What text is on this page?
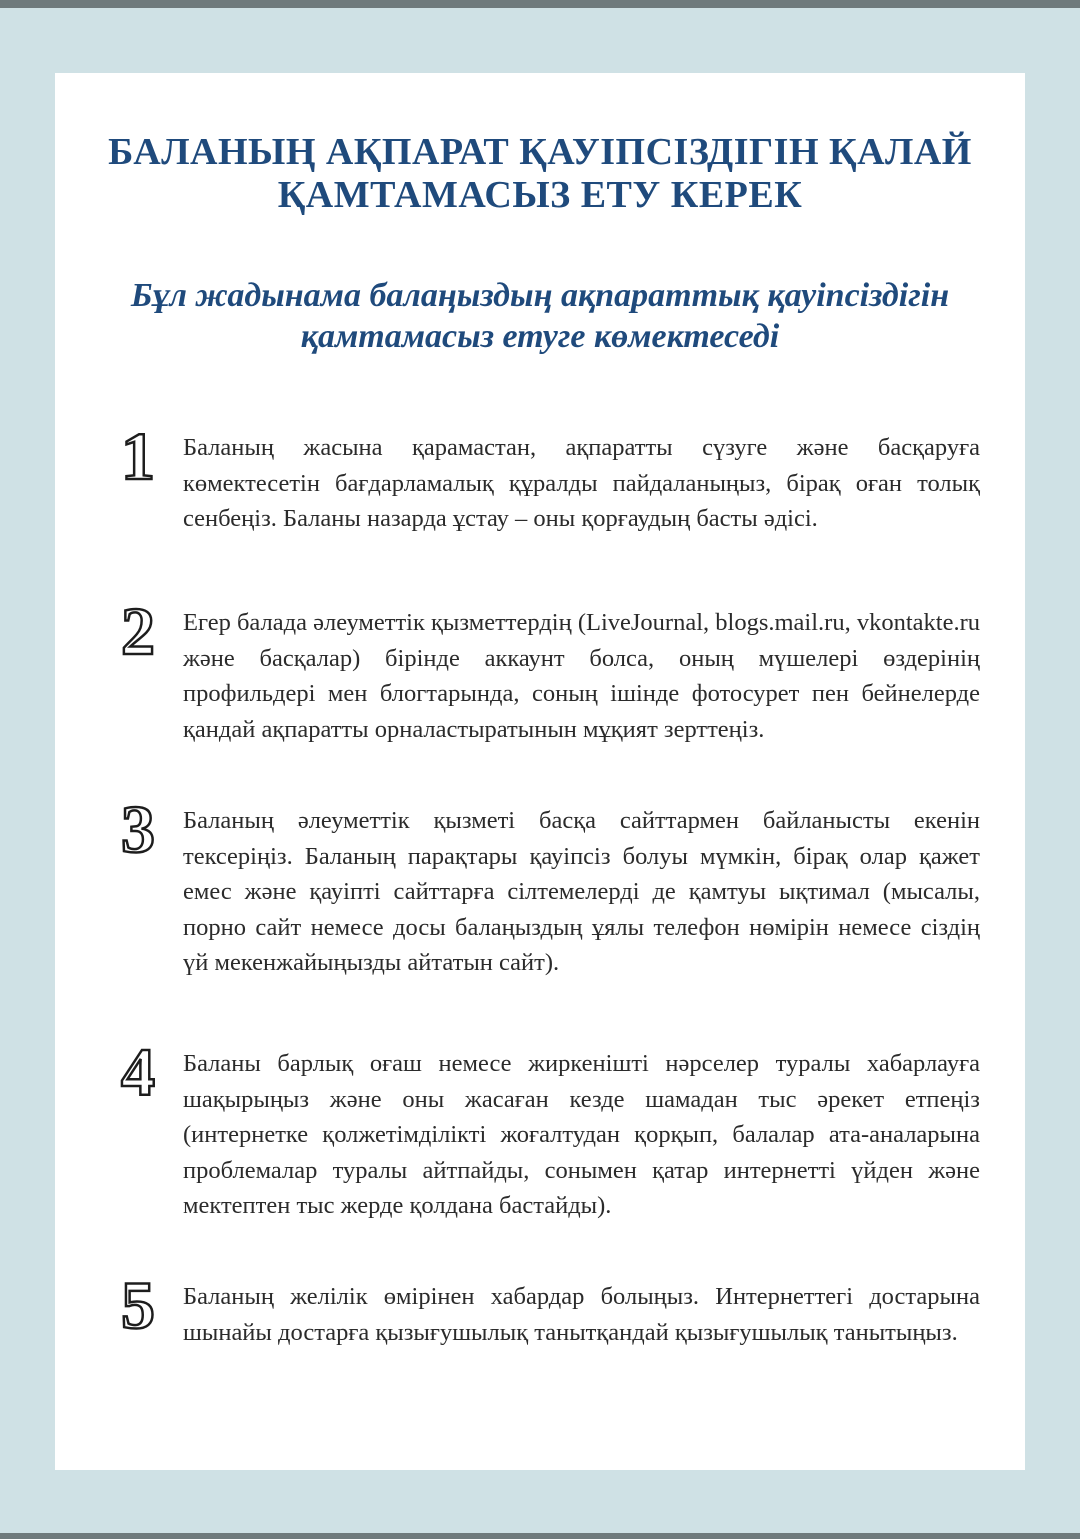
БАЛАНЫҢ АҚПАРАТ ҚАУІПСІЗДІГІН ҚАЛАЙ ҚАМТАМАСЫЗ ЕТУ КЕРЕК
Бұл жадынама балаңыздың ақпараттық қауіпсіздігін қамтамасыз етуге көмектеседі
1	Баланың жасына қарамастан, ақпаратты сүзуге және басқаруға көмектесетін бағдарламалық құралды пайдаланыңыз, бірақ оған толық сенбеңіз. Баланы назарда ұстау – оны қорғаудың басты әдісі.

2	Егер балада әлеуметтік қызметтердің (LiveJournal, blogs.mail.ru, vkontakte.ru және басқалар) бірінде аккаунт болса, оның мүшелері өздерінің профильдері мен блогтарында, соның ішінде фотосурет пен бейнелерде қандай ақпаратты орналастыратынын мұқият зерттеңіз.

3	Баланың әлеуметтік қызметі басқа сайттармен байланысты екенін тексеріңіз. Баланың парақтары қауіпсіз болуы мүмкін, бірақ олар қажет емес және қауіпті сайттарға сілтемелерді де қамтуы ықтимал (мысалы, порно сайт немесе досы балаңыздың ұялы телефон нөмірін немесе сіздің үй мекенжайыңызды айтатын сайт).

4	Баланы барлық оғаш немесе жиркенішті нәрселер туралы хабарлауға шақырыңыз және оны жасаған кезде шамадан тыс әрекет етпеңіз (интернетке қолжетімділікті жоғалтудан қорқып, балалар ата-аналарына проблемалар туралы айтпайды, сонымен қатар интернетті үйден және мектептен тыс жерде қолдана бастайды).

5	Баланың желілік өмірінен хабардар болыңыз. Интернеттегі достарына шынайы достарға қызығушылық танытқандай қызығушылық танытыңыз.
